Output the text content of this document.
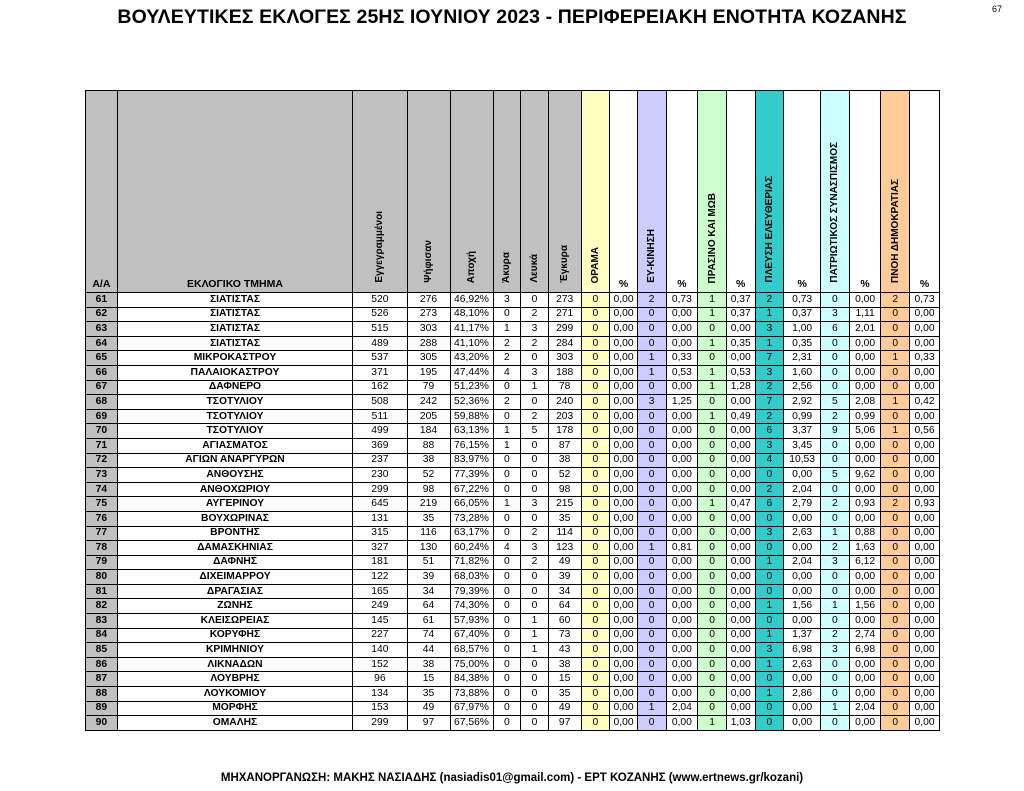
ΒΟΥΛΕΥΤΙΚΕΣ ΕΚΛΟΓΕΣ 25ΗΣ ΙΟΥΝΙΟΥ 2023 - ΠΕΡΙΦΕΡΕΙΑΚΗ ΕΝΟΤΗΤΑ ΚΟΖΑΝΗΣ	67
Α/Α	ΕΚΛΟΓΙΚΟ ΤΜΗΜΑ	Εγγεγραμμένοι	Ψήφισαν	Αποχή	Άκυρα	Λευκά	Έγκυρα	ΟΡΑΜΑ	%	ΕΥ-ΚΙΝΗΣΗ	%	ΠΡΑΣΙΝΟ ΚΑΙ ΜΩΒ	%	ΠΛΕΥΣΗ ΕΛΕΥΘΕΡΙΑΣ	%	ΠΑΤΡΙΩΤΙΚΟΣ ΣΥΝΑΣΠΙΣΜΟΣ	%	ΠΝΟΗ ΔΗΜΟΚΡΑΤΙΑΣ	%

61	ΣΙΑΤΙΣΤΑΣ	520	276	46,92%	3	0	273	0	0,00	2	0,73	1	0,37	2	0,73	0	0,00	2	0,73
62	ΣΙΑΤΙΣΤΑΣ	526	273	48,10%	0	2	271	0	0,00	0	0,00	1	0,37	1	0,37	3	1,11	0	0,00
63	ΣΙΑΤΙΣΤΑΣ	515	303	41,17%	1	3	299	0	0,00	0	0,00	0	0,00	3	1,00	6	2,01	0	0,00
64	ΣΙΑΤΙΣΤΑΣ	489	288	41,10%	2	2	284	0	0,00	0	0,00	1	0,35	1	0,35	0	0,00	0	0,00
65	ΜΙΚΡΟΚΑΣΤΡΟΥ	537	305	43,20%	2	0	303	0	0,00	1	0,33	0	0,00	7	2,31	0	0,00	1	0,33
66	ΠΑΛΑΙΟΚΑΣΤΡΟΥ	371	195	47,44%	4	3	188	0	0,00	1	0,53	1	0,53	3	1,60	0	0,00	0	0,00
67	ΔΑΦΝΕΡΟ	162	79	51,23%	0	1	78	0	0,00	0	0,00	1	1,28	2	2,56	0	0,00	0	0,00
68	ΤΣΟΤΥΛΙΟΥ	508	242	52,36%	2	0	240	0	0,00	3	1,25	0	0,00	7	2,92	5	2,08	1	0,42
69	ΤΣΟΤΥΛΙΟΥ	511	205	59,88%	0	2	203	0	0,00	0	0,00	1	0,49	2	0,99	2	0,99	0	0,00
70	ΤΣΟΤΥΛΙΟΥ	499	184	63,13%	1	5	178	0	0,00	0	0,00	0	0,00	6	3,37	9	5,06	1	0,56
71	ΑΓΙΑΣΜΑΤΟΣ	369	88	76,15%	1	0	87	0	0,00	0	0,00	0	0,00	3	3,45	0	0,00	0	0,00
72	ΑΓΙΩΝ ΑΝΑΡΓΥΡΩΝ	237	38	83,97%	0	0	38	0	0,00	0	0,00	0	0,00	4	10,53	0	0,00	0	0,00
73	ΑΝΘΟΥΣΗΣ	230	52	77,39%	0	0	52	0	0,00	0	0,00	0	0,00	0	0,00	5	9,62	0	0,00
74	ΑΝΘΟΧΩΡΙΟΥ	299	98	67,22%	0	0	98	0	0,00	0	0,00	0	0,00	2	2,04	0	0,00	0	0,00
75	ΑΥΓΕΡΙΝΟΥ	645	219	66,05%	1	3	215	0	0,00	0	0,00	1	0,47	6	2,79	2	0,93	2	0,93
76	ΒΟΥΧΩΡΙΝΑΣ	131	35	73,28%	0	0	35	0	0,00	0	0,00	0	0,00	0	0,00	0	0,00	0	0,00
77	ΒΡΟΝΤΗΣ	315	116	63,17%	0	2	114	0	0,00	0	0,00	0	0,00	3	2,63	1	0,88	0	0,00
78	ΔΑΜΑΣΚΗΝΙΑΣ	327	130	60,24%	4	3	123	0	0,00	1	0,81	0	0,00	0	0,00	2	1,63	0	0,00
79	ΔΑΦΝΗΣ	181	51	71,82%	0	2	49	0	0,00	0	0,00	0	0,00	1	2,04	3	6,12	0	0,00
80	ΔΙΧΕΙΜΑΡΡΟΥ	122	39	68,03%	0	0	39	0	0,00	0	0,00	0	0,00	0	0,00	0	0,00	0	0,00
81	ΔΡΑΓΑΣΙΑΣ	165	34	79,39%	0	0	34	0	0,00	0	0,00	0	0,00	0	0,00	0	0,00	0	0,00
82	ΖΩΝΗΣ	249	64	74,30%	0	0	64	0	0,00	0	0,00	0	0,00	1	1,56	1	1,56	0	0,00
83	ΚΛΕΙΣΩΡΕΙΑΣ	145	61	57,93%	0	1	60	0	0,00	0	0,00	0	0,00	0	0,00	0	0,00	0	0,00
84	ΚΟΡΥΦΗΣ	227	74	67,40%	0	1	73	0	0,00	0	0,00	0	0,00	1	1,37	2	2,74	0	0,00
85	ΚΡΙΜΗΝΙΟΥ	140	44	68,57%	0	1	43	0	0,00	0	0,00	0	0,00	3	6,98	3	6,98	0	0,00
86	ΛΙΚΝΑΔΩΝ	152	38	75,00%	0	0	38	0	0,00	0	0,00	0	0,00	1	2,63	0	0,00	0	0,00
87	ΛΟΥΒΡΗΣ	96	15	84,38%	0	0	15	0	0,00	0	0,00	0	0,00	0	0,00	0	0,00	0	0,00
88	ΛΟΥΚΟΜΙΟΥ	134	35	73,88%	0	0	35	0	0,00	0	0,00	0	0,00	1	2,86	0	0,00	0	0,00
89	ΜΟΡΦΗΣ	153	49	67,97%	0	0	49	0	0,00	1	2,04	0	0,00	0	0,00	1	2,04	0	0,00
90	ΟΜΑΛΗΣ	299	97	67,56%	0	0	97	0	0,00	0	0,00	1	1,03	0	0,00	0	0,00	0	0,00
ΜΗΧΑΝΟΡΓΑΝΩΣΗ: ΜΑΚΗΣ ΝΑΣΙΑΔΗΣ (nasiadis01@gmail.com) - ΕΡΤ ΚΟΖΑΝΗΣ (www.ertnews.gr/kozani)
